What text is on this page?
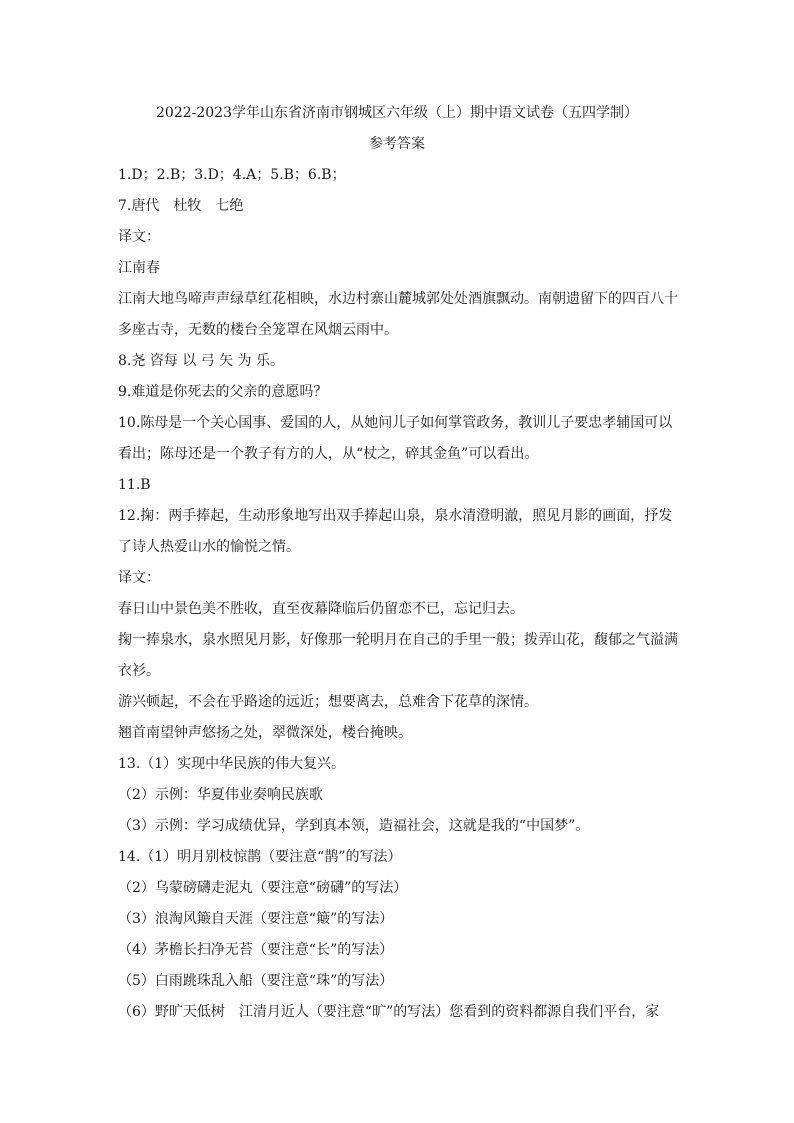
2022-2023学年山东省济南市钢城区六年级（上）期中语文试卷（五四学制）
参考答案
1.D；2.B；3.D；4.A；5.B；6.B；
7.唐代　杜牧　七绝
译文：
江南春
江南大地鸟啼声声绿草红花相映，水边村寨山麓城郭处处酒旗飘动。南朝遗留下的四百八十
多座古寺，无数的楼台全笼罩在风烟云雨中。
8.尧 咨每 以 弓 矢 为 乐。
9.难道是你死去的父亲的意愿吗？
10.陈母是一个关心国事、爱国的人，从她问儿子如何掌管政务，教训儿子要忠孝辅国可以
看出；陈母还是一个教子有方的人，从“杖之，碎其金鱼”可以看出。
11.B
12.掬：两手捧起，生动形象地写出双手捧起山泉，泉水清澄明澈，照见月影的画面，抒发
了诗人热爱山水的愉悦之情。
译文：
春日山中景色美不胜收，直至夜幕降临后仍留恋不已，忘记归去。
掬一捧泉水，泉水照见月影，好像那一轮明月在自己的手里一般；拨弄山花，馥郁之气溢满
衣衫。
游兴顿起，不会在乎路途的远近；想要离去，总难舍下花草的深情。
翘首南望钟声悠扬之处，翠微深处，楼台掩映。
13.（1）实现中华民族的伟大复兴。
（2）示例：华夏伟业奏响民族歌
（3）示例：学习成绩优异，学到真本领，造福社会，这就是我的“中国梦”。
14.（1）明月别枝惊鹊（要注意“鹊”的写法）
（2）乌蒙磅礴走泥丸（要注意“磅礴”的写法）
（3）浪淘风簸自天涯（要注意“簸”的写法）
（4）茅檐长扫净无苔（要注意“长”的写法）
（5）白雨跳珠乱入船（要注意“珠”的写法）
（6）野旷天低树　江清月近人（要注意“旷”的写法）您看到的资料都源自我们平台，家
